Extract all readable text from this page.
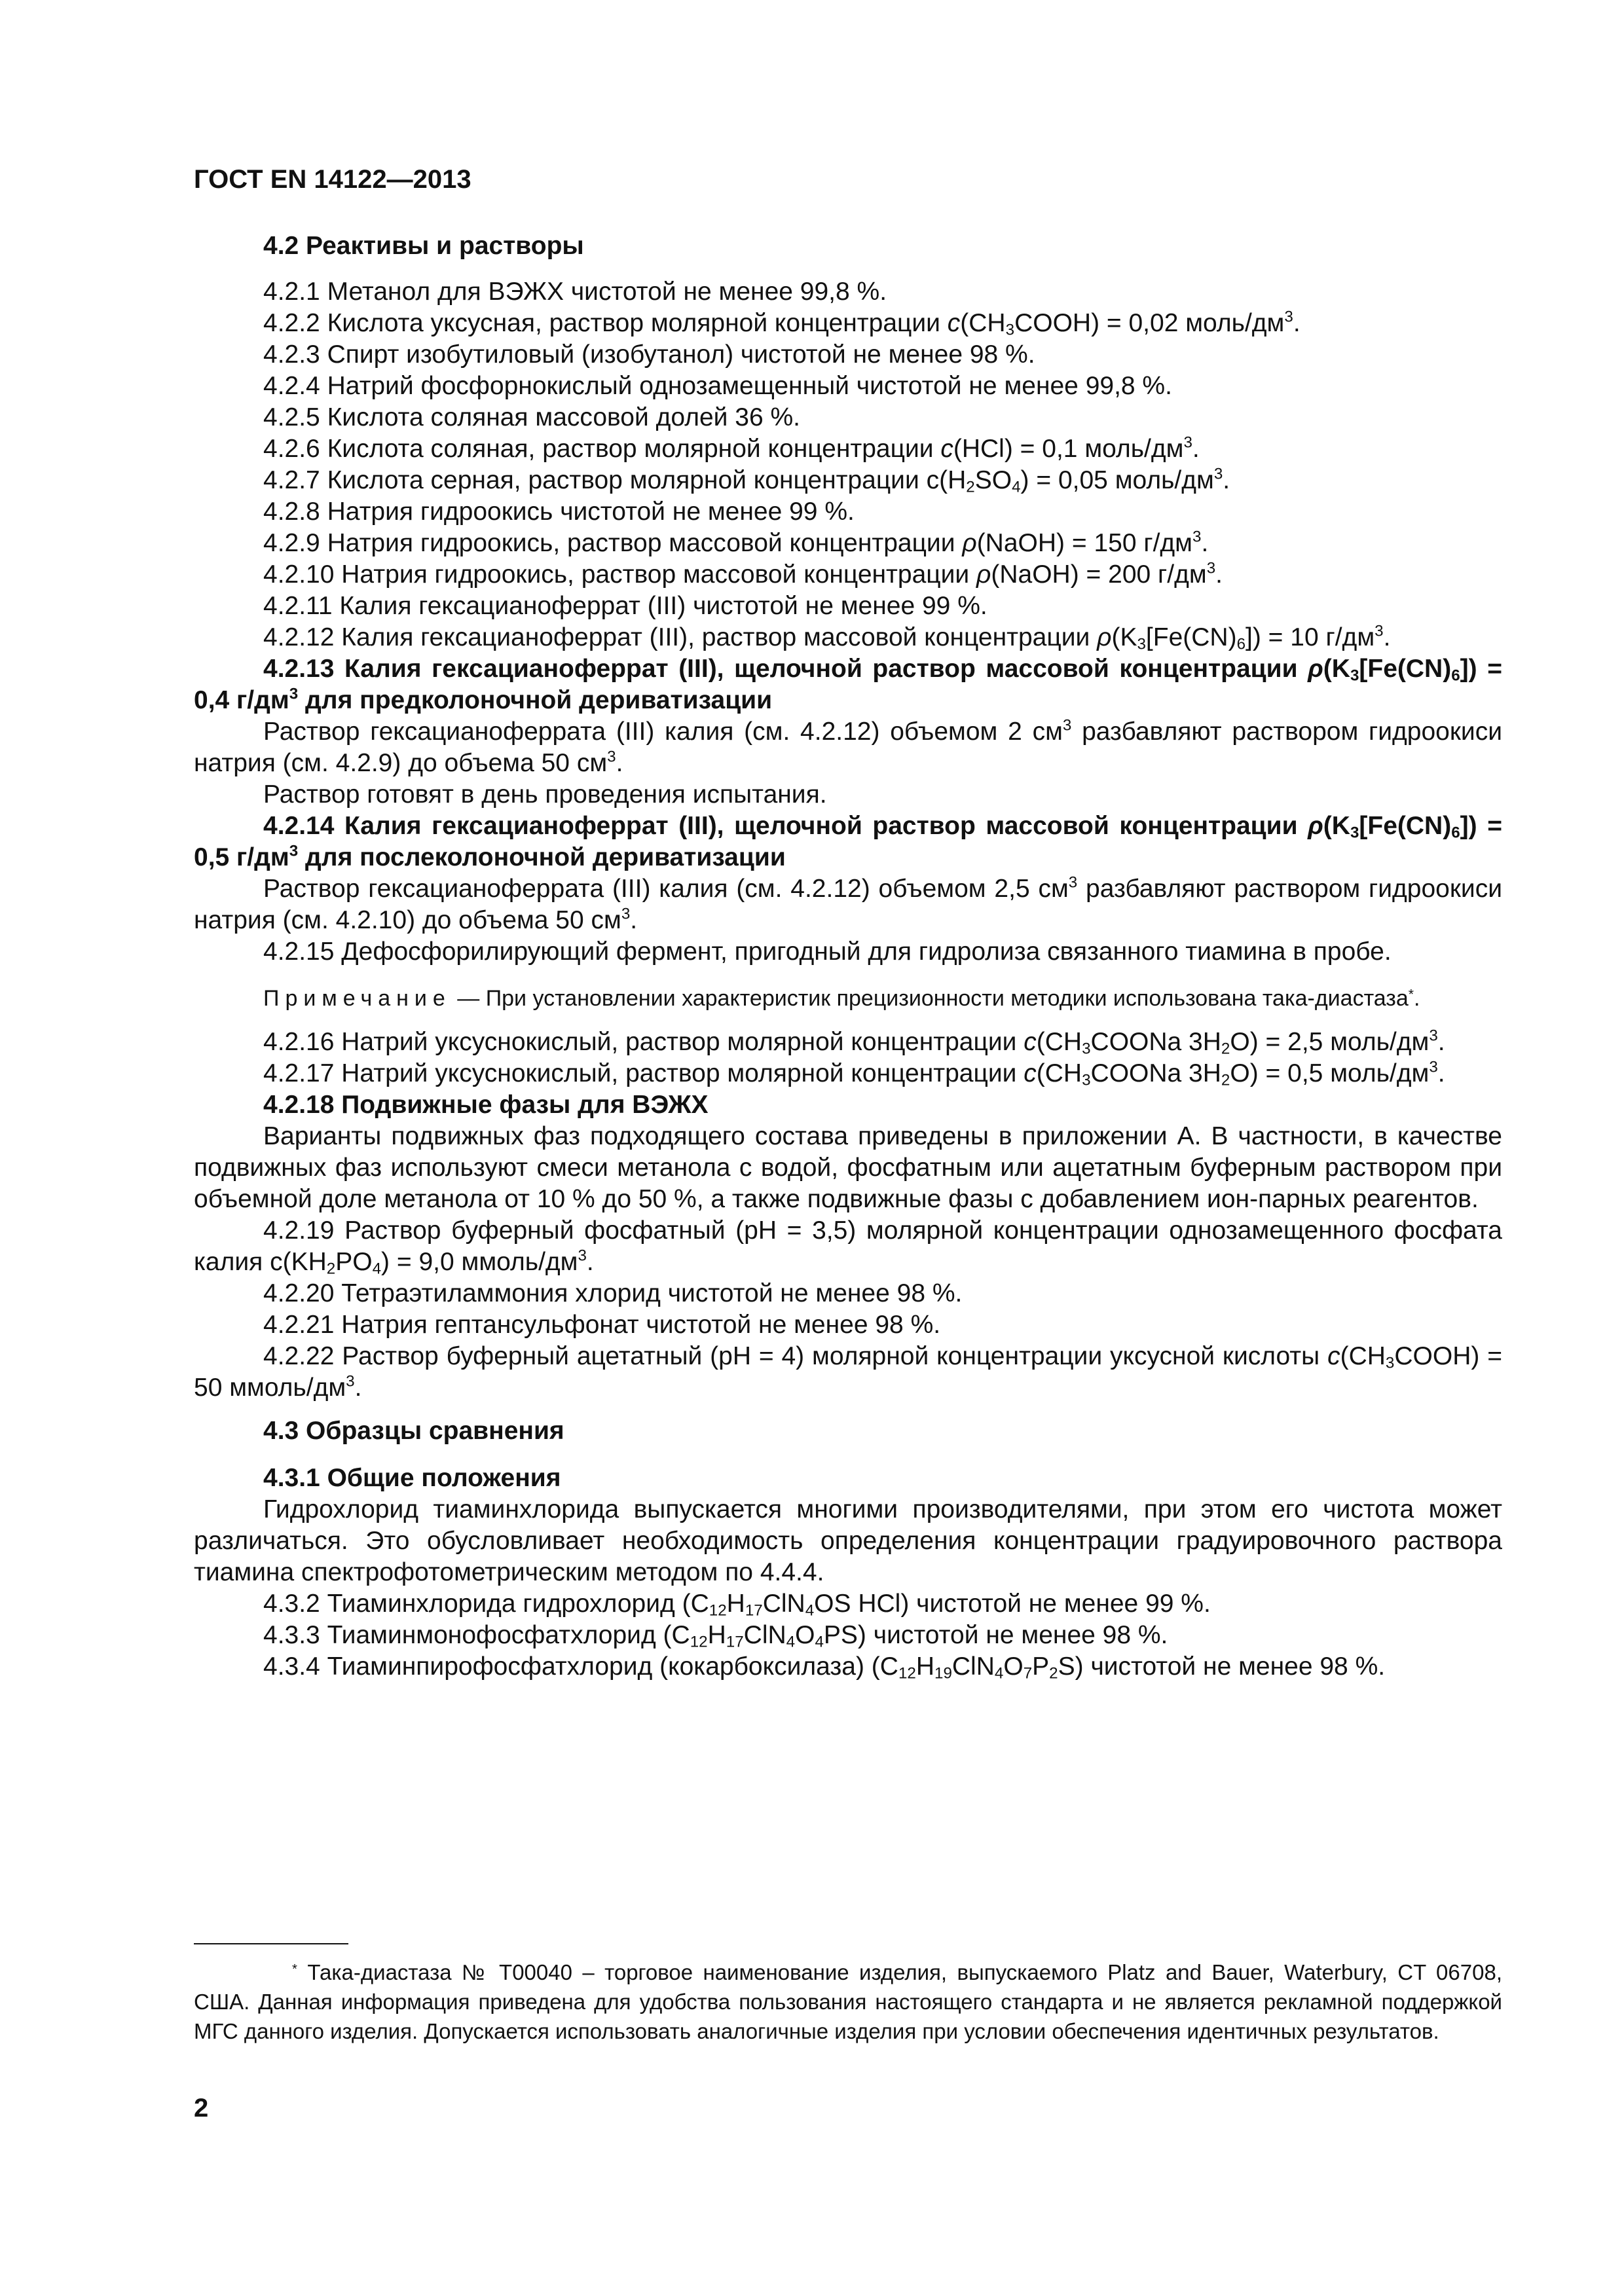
ГОСТ EN 14122—2013

4.2 Реактивы и растворы

4.2.1 Метанол для ВЭЖХ чистотой не менее 99,8 %.

4.2.2 Кислота уксусная, раствор молярной концентрации $c(CH_3COOH) = 0,02$ моль/$дм^3$.

4.2.3 Спирт изобутиловый (изобутанол) чистотой не менее 98 %.

4.2.4 Натрий фосфорнокислый однозамещенный чистотой не менее 99,8 %.

4.2.5 Кислота соляная массовой долей 36 %.

4.2.6 Кислота соляная, раствор молярной концентрации c(HCl) = 0,1 моль/$дм^3$.

4.2.7 Кислота серная, раствор молярной концентрации $c(H_2SO_4) = 0,05$ моль/$дм^3$.

4.2.8 Натрия гидроокись чистотой не менее 99 %.

4.2.9 Натрия гидроокись, раствор массовой концентрации ρ(NaOH) = 150 $г/дм^3$.

4.2.10 Натрия гидроокись, раствор массовой концентрации ρ(NaOH) = 200 $г/дм^3$.

4.2.11 Калия гексацианоферрат (III) чистотой не менее 99 %.

4.2.12 Калия гексацианоферрат (III), раствор массовой концентрации $\rho(K_3[Fe(CN)_6]) = 10$ $г/дм^3$.

4.2.13 Калия гексацианоферрат (III), щелочной раствор массовой концентрации $\rho(K_3[Fe(CN)_6]) = 0,4$ $г/дм^3$ для предколоночной дериватизации

Раствор гексацианоферрата (III) калия (см. 4.2.12) объемом 2 $см^3$ разбавляют раствором гидроокиси натрия (см. 4.2.9) до объема 50 $см^3$.

Раствор готовят в день проведения испытания.

4.2.14 Калия гексацианоферрат (III), щелочной раствор массовой концентрации $\rho(K_3[Fe(CN)_6]) = 0,5$ $г/дм^3$ для послеколоночной дериватизации

Раствор гексацианоферрата (III) калия (см. 4.2.12) объемом 2,5 $см^3$ разбавляют раствором гидроокиси натрия (см. 4.2.10) до объема 50 $см^3$.

4.2.15 Дефосфорилирующий фермент, пригодный для гидролиза связанного тиамина в пробе.

Примечание — При установлении характеристик прецизионности методики использована така-диастаза*.

4.2.16 Натрий уксуснокислый, раствор молярной концентрации $c(CH_3COONa$ $3H_2O) = 2,5$ моль/$дм^3$.

4.2.17 Натрий уксуснокислый, раствор молярной концентрации $c(CH_3COONa$ $3H_2O) = 0,5$ моль/$дм^3$.

4.2.18 Подвижные фазы для ВЭЖХ

Варианты подвижных фаз подходящего состава приведены в приложении А. В частности, в качестве подвижных фаз используют смеси метанола с водой, фосфатным или ацетатным буферным раствором при объемной доле метанола от 10 % до 50 %, а также подвижные фазы с добавлением ион-парных реагентов.

4.2.19 Раствор буферный фосфатный (pH = 3,5) молярной концентрации однозамещенного фосфата калия $c(KH_2PO_4) = 9,0$ ммоль/$дм^3$.

4.2.20 Тетраэтиламмония хлорид чистотой не менее 98 %.

4.2.21 Натрия гептансульфонат чистотой не менее 98 %.

4.2.22 Раствор буферный ацетатный (pH = 4) молярной концентрации уксусной кислоты $c(CH_3COOH) = 50$ ммоль/$дм^3$.

4.3 Образцы сравнения

4.3.1 Общие положения

Гидрохлорид тиаминхлорида выпускается многими производителями, при этом его чистота может различаться. Это обусловливает необходимость определения концентрации градуировочного раствора тиамина спектрофотометрическим методом по 4.4.4.

4.3.2 Тиаминхлорида гидрохлорид ($C_{12}H_{17}ClN_4OS$ HCl) чистотой не менее 99 %.

4.3.3 Тиаминмонофосфатхлорид $(C_{12}H_{17}ClN_4O_4PS)$ чистотой не менее 98 %.

4.3.4 Тиаминпирофосфатхлорид (кокарбоксилаза) $(C_{12}H_{19}ClN_4O_7P_2S)$ чистотой не менее 98 %.

* Така-диастаза № T00040 – торговое наименование изделия, выпускаемого Platz and Bauer, Waterbury, CT 06708, США. Данная информация приведена для удобства пользования настоящего стандарта и не является рекламной поддержкой МГС данного изделия. Допускается использовать аналогичные изделия при условии обеспечения идентичных результатов.

2
